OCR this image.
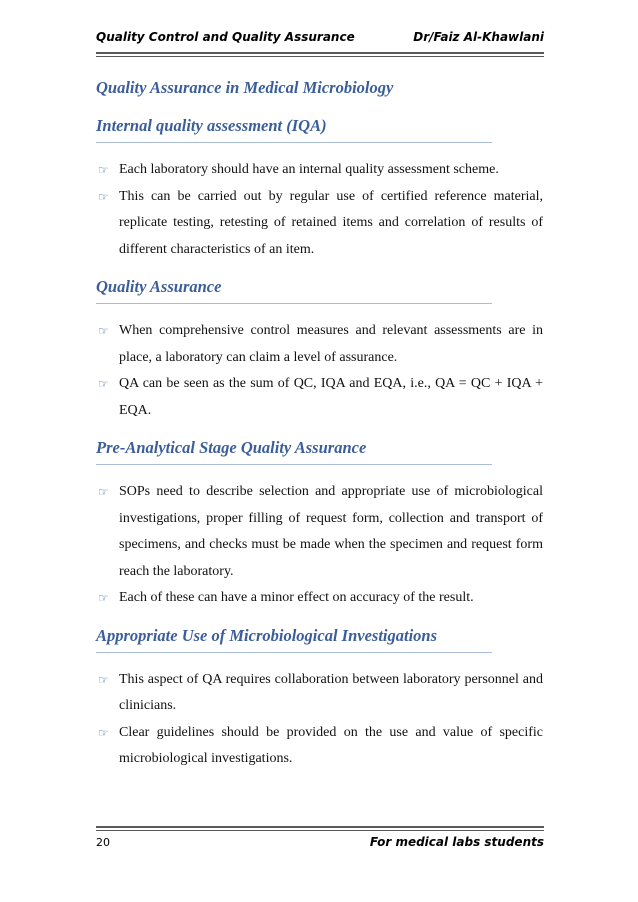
Quality Control and Quality Assurance	Dr/Faiz Al-Khawlani
Quality Assurance in Medical Microbiology
Internal quality assessment (IQA)
☞ Each laboratory should have an internal quality assessment scheme.
☞ This can be carried out by regular use of certified reference material, replicate testing, retesting of retained items and correlation of results of different characteristics of an item.
Quality Assurance
☞ When comprehensive control measures and relevant assessments are in place, a laboratory can claim a level of assurance.
☞ QA can be seen as the sum of QC, IQA and EQA, i.e., QA = QC + IQA + EQA.
Pre-Analytical Stage Quality Assurance
☞ SOPs need to describe selection and appropriate use of microbiological investigations, proper filling of request form, collection and transport of specimens, and checks must be made when the specimen and request form reach the laboratory.
☞ Each of these can have a minor effect on accuracy of the result.
Appropriate Use of Microbiological Investigations
☞ This aspect of QA requires collaboration between laboratory personnel and clinicians.
☞ Clear guidelines should be provided on the use and value of specific microbiological investigations.
20	For medical labs students
